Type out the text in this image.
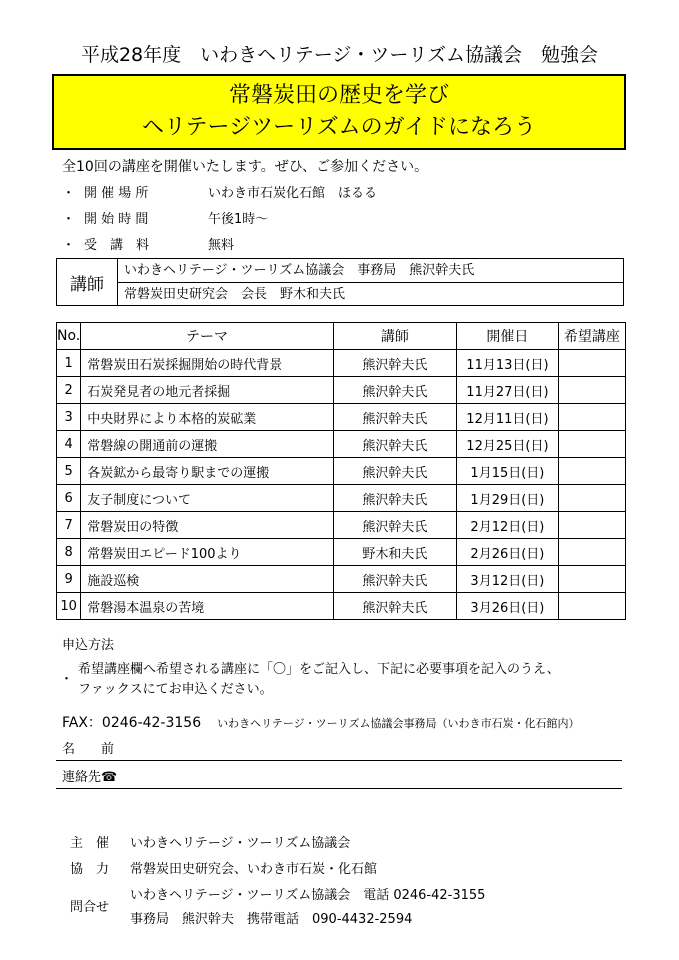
平成28年度　いわきヘリテージ・ツーリズム協議会　勉強会
常磐炭田の歴史を学び
ヘリテージツーリズムのガイドになろう
全10回の講座を開催いたします。ぜひ、ご参加ください。
・ 開 催 場 所	いわき市石炭化石館　ほるる
・ 開 始 時 間	午後1時～
・ 受　講　料	無料
講師
いわきヘリテージ・ツーリズム協議会　事務局　熊沢幹夫氏
常磐炭田史研究会　会長　野木和夫氏
No.	テーマ	講師	開催日	希望講座
1	常磐炭田石炭採掘開始の時代背景	熊沢幹夫氏	11月13日(日)	
2	石炭発見者の地元者採掘	熊沢幹夫氏	11月27日(日)	
3	中央財界により本格的炭砿業	熊沢幹夫氏	12月11日(日)	
4	常磐線の開通前の運搬	熊沢幹夫氏	12月25日(日)	
5	各炭鉱から最寄り駅までの運搬	熊沢幹夫氏	1月15日(日)	
6	友子制度について	熊沢幹夫氏	1月29日(日)	
7	常磐炭田の特徴	熊沢幹夫氏	2月12日(日)	
8	常磐炭田エピード100より	野木和夫氏	2月26日(日)	
9	施設巡検	熊沢幹夫氏	3月12日(日)	
10	常磐湯本温泉の苦境	熊沢幹夫氏	3月26日(日)	
申込方法
・
希望講座欄へ希望される講座に「〇」をご記入し、下記に必要事項を記入のうえ、
ファックスにてお申込ください。
FAX：0246-42-3156 いわきヘリテージ・ツーリズム協議会事務局（いわき市石炭・化石館内）
名　　前
連絡先☎
主　催 いわきヘリテージ・ツーリズム協議会
協　力 常磐炭田史研究会、いわき市石炭・化石館
問合せ
いわきヘリテージ・ツーリズム協議会　電話 0246-42-3155
事務局　熊沢幹夫　携帯電話　090-4432-2594
